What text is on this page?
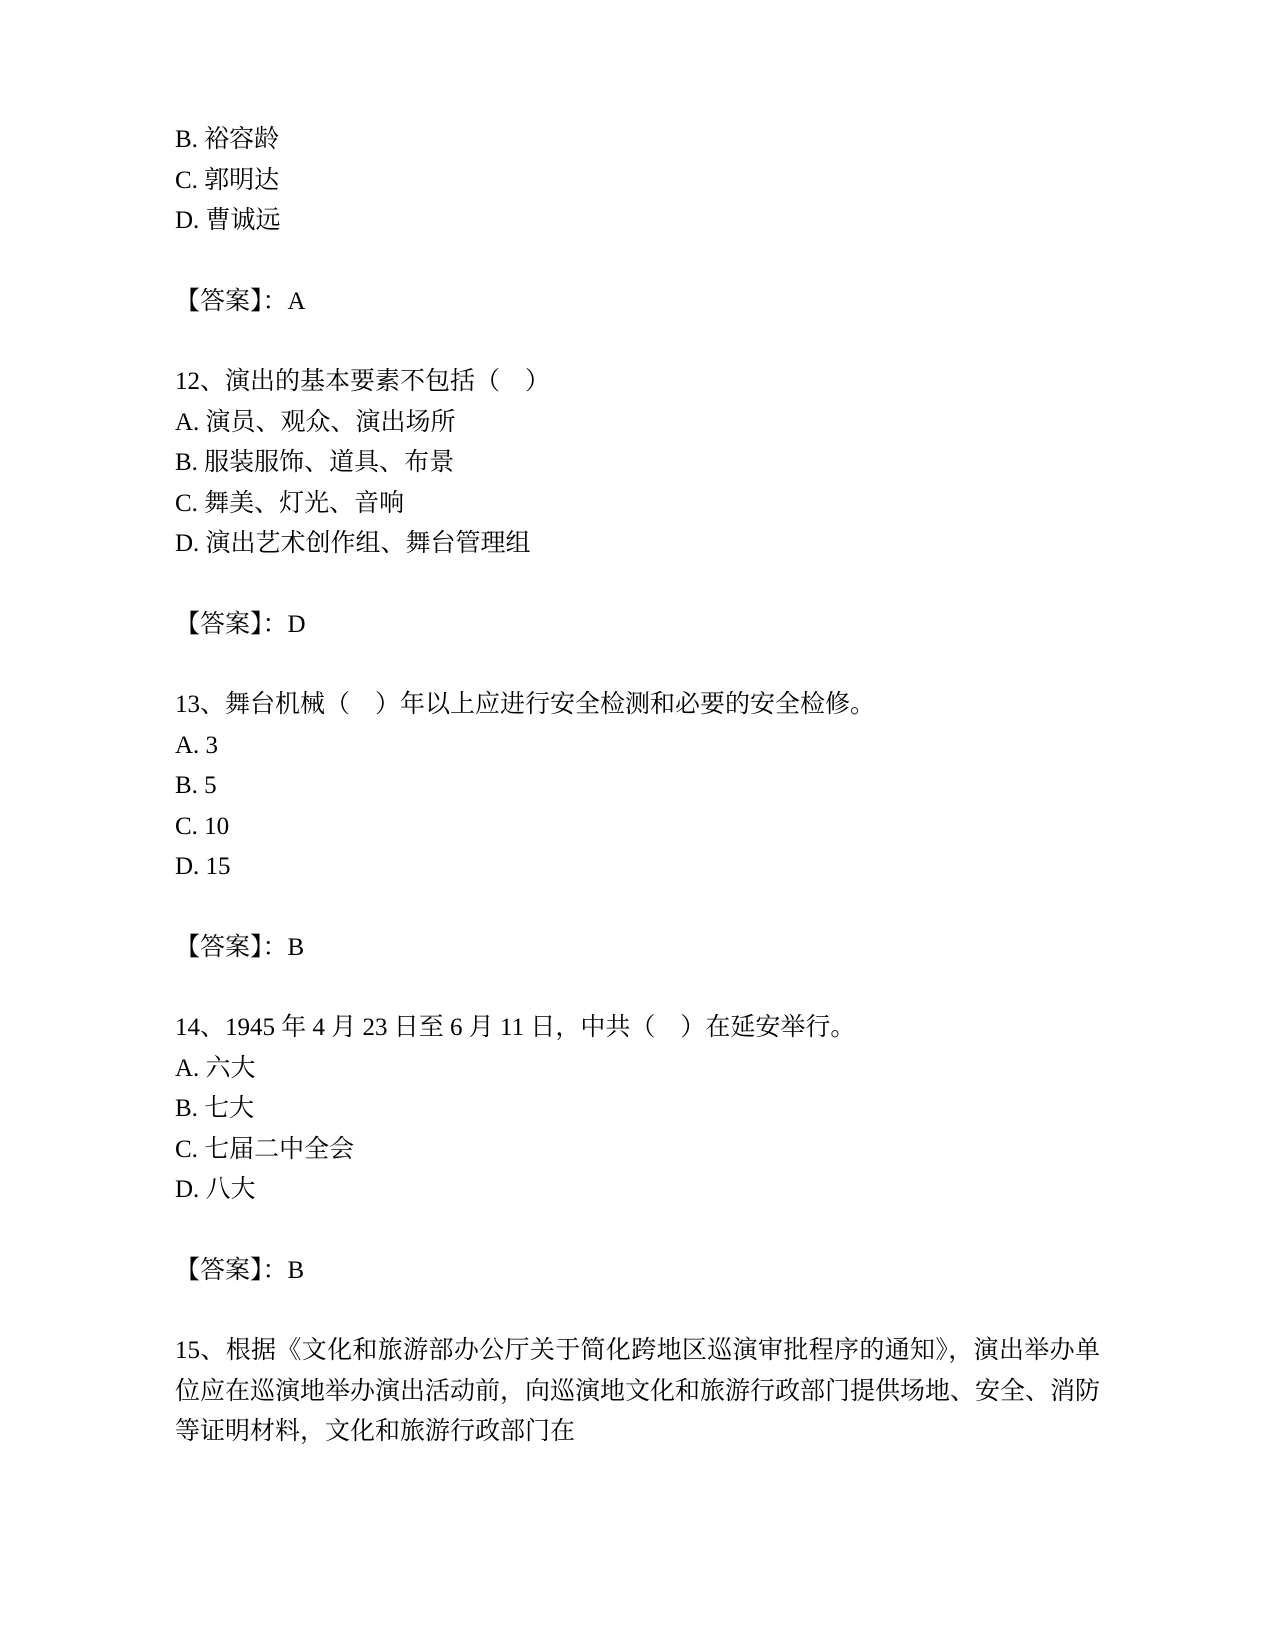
B. 裕容龄

C. 郭明达

D. 曹诚远

【答案】：A

12、演出的基本要素不包括（    ）

A. 演员、观众、演出场所

B. 服装服饰、道具、布景

C. 舞美、灯光、音响

D. 演出艺术创作组、舞台管理组

【答案】：D

13、舞台机械（    ）年以上应进行安全检测和必要的安全检修。

A. 3

B. 5

C. 10

D. 15

【答案】：B

14、1945 年 4 月 23 日至 6 月 11 日，中共（    ）在延安举行。

A. 六大

B. 七大

C. 七届二中全会

D. 八大

【答案】：B

15、根据《文化和旅游部办公厅关于简化跨地区巡演审批程序的通知》，演出举办单位应在巡演地举办演出活动前，向巡演地文化和旅游行政部门提供场地、安全、消防等证明材料，文化和旅游行政部门在
